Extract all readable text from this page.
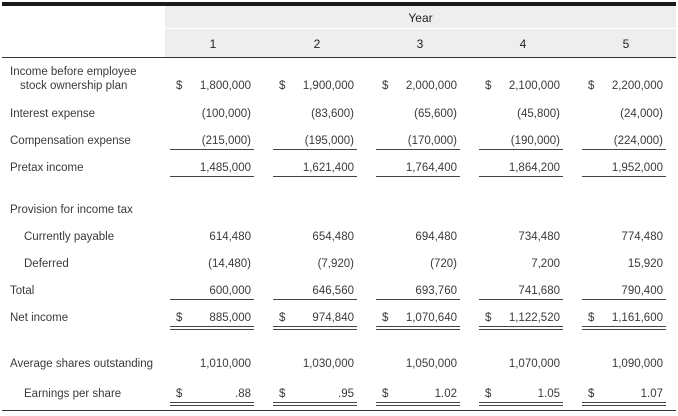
Year
1	2	3	4	5
Income before employee
stock ownership plan	$	1,800,000 $	1,900,000 $	2,000,000 $	2,100,000 $	2,200,000
Interest expense	(100,000)	(83,600)	(65,600)	(45,800)	(24,000)
Compensation expense	(215,000)	(195,000)	(170,000)	(190,000)	(224,000)
Pretax income	1,485,000	1,621,400	1,764,400	1,864,200	1,952,000
Provision for income tax
Currently payable	614,480	654,480	694,480	734,480	774,480
Deferred	(14,480)	(7,920)	(720)	7,200	15,920
Total	600,000	646,560	693,760	741,680	790,400
Net income	$	885,000 $	974,840 $	1,070,640 $	1,122,520 $	1,161,600
Average shares outstanding	1,010,000	1,030,000	1,050,000	1,070,000	1,090,000
Earnings per share	$	.88 $	.95 $	1.02 $	1.05 $	1.07
